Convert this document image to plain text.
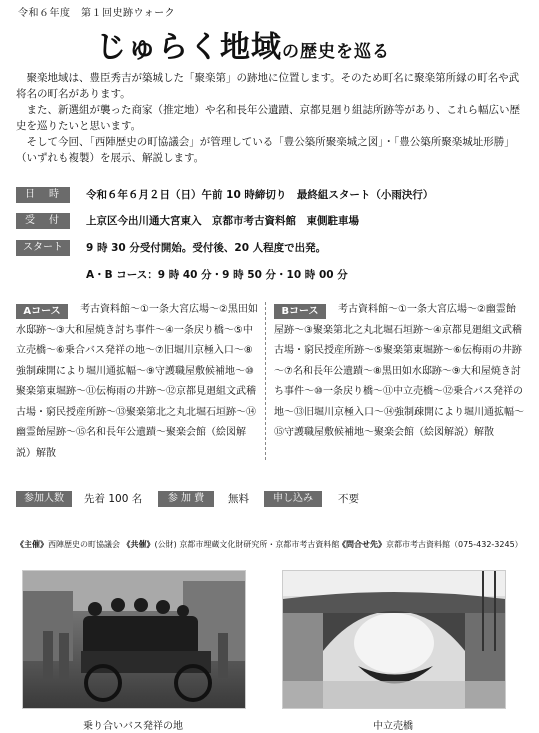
令和６年度　第１回史跡ウォーク
じゅらく地域の歴史を巡る

聚楽地域は、豊臣秀吉が築城した「聚楽第」の跡地に位置します。そのため町名に聚楽第所縁の町名や武将名の町名があります。

また、新選組が襲った商家（推定地）や名和長年公遺蹟、京都見廻り組誌所跡等があり、これら幅広い歴史を巡りたいと思います。

そして今回、「西陣歴史の町協議会」が管理している「豊公築所聚楽城之図」・「豊公築所聚楽城址形勝」（いずれも複製）を展示、解説します。

日　時	令和６年６月２日（日）午前 10 時締切り　最終組スタート（小雨決行）
受　付	上京区今出川通大宮東入　京都市考古資料館　東側駐車場
スタート	9 時 30 分受付開始。受付後、20 人程度で出発。
A・B コース：9 時 40 分・9 時 50 分・10 時 00 分
Aコース	考古資料館～①一条大宮広場～②黒田如水邸跡～③大和屋焼き討ち事件～④一条戻り橋～⑤中立売橋～⑥乗合バス発祥の地～⑦旧堀川京極入口～⑧強制疎開により堀川通拡幅～⑨守護職屋敷候補地～⑩聚楽第東堀跡～⑪伝梅雨の井跡～⑫京都見廻組文武稽古場・窮民授産所跡～⑬聚楽第北之丸北堀石垣跡～⑭幽霊飴屋跡～⑮名和長年公遺蹟～聚楽会館（絵図解説）解散
Bコース	考古資料館～①一条大宮広場～②幽霊飴屋跡～③聚楽第北之丸北堀石垣跡～④京都見廻組文武稽古場・窮民授産所跡～⑤聚楽第東堀跡～⑥伝梅雨の井跡～⑦名和長年公遺蹟～⑧黒田如水邸跡～⑨大和屋焼き討ち事件～⑩一条戻り橋～⑪中立売橋～⑫乗合バス発祥の地～⑬旧堀川京極入口～⑭強制疎開により堀川通拡幅～⑮守護職屋敷候補地～聚楽会館（絵図解説）解散
参加人数	先着 100 名	参 加 費	無料	申し込み	不要
《主催》西陣歴史の町協議会 《共催》(公財) 京都市埋蔵文化財研究所・京都市考古資料館
《問合せ先》京都市考古資料館（075-432-3245）
乗り合いバス発祥の地	中立売橋
